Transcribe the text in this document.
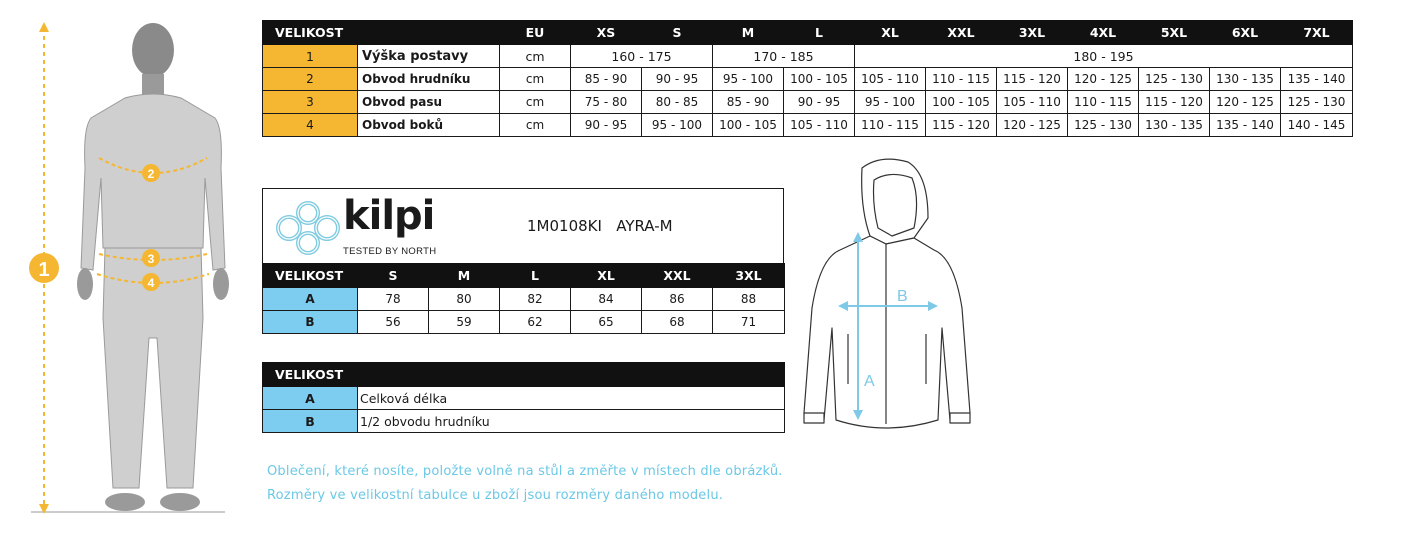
1
2
3
4
VELIKOST		EU	XS	S	M	L	XL	XXL	3XL	4XL	5XL	6XL	7XL
1	Výška postavy	cm	160 - 175		170 - 185		180 - 195						
2	Obvod hrudníku	cm	85 - 90	90 - 95	95 - 100	100 - 105	105 - 110	110 - 115	115 - 120	120 - 125	125 - 130	130 - 135	135 - 140
3	Obvod pasu	cm	75 - 80	80 - 85	85 - 90	90 - 95	95 - 100	100 - 105	105 - 110	110 - 115	115 - 120	120 - 125	125 - 130
4	Obvod boků	cm	90 - 95	95 - 100	100 - 105	105 - 110	110 - 115	115 - 120	120 - 125	125 - 130	130 - 135	135 - 140	140 - 145
kilpi
TESTED BY NORTH
1M0108KI AYRA-M
VELIKOST	S	M	L	XL	XXL	3XL
A	78	80	82	84	86	88
B	56	59	62	65	68	71
VELIKOST	
A	Celková délka
B	1/2 obvodu hrudníku
A
B
Oblečení, které nosíte, položte volně na stůl a změřte v místech dle obrázků.
Rozměry ve velikostní tabulce u zboží jsou rozměry daného modelu.
